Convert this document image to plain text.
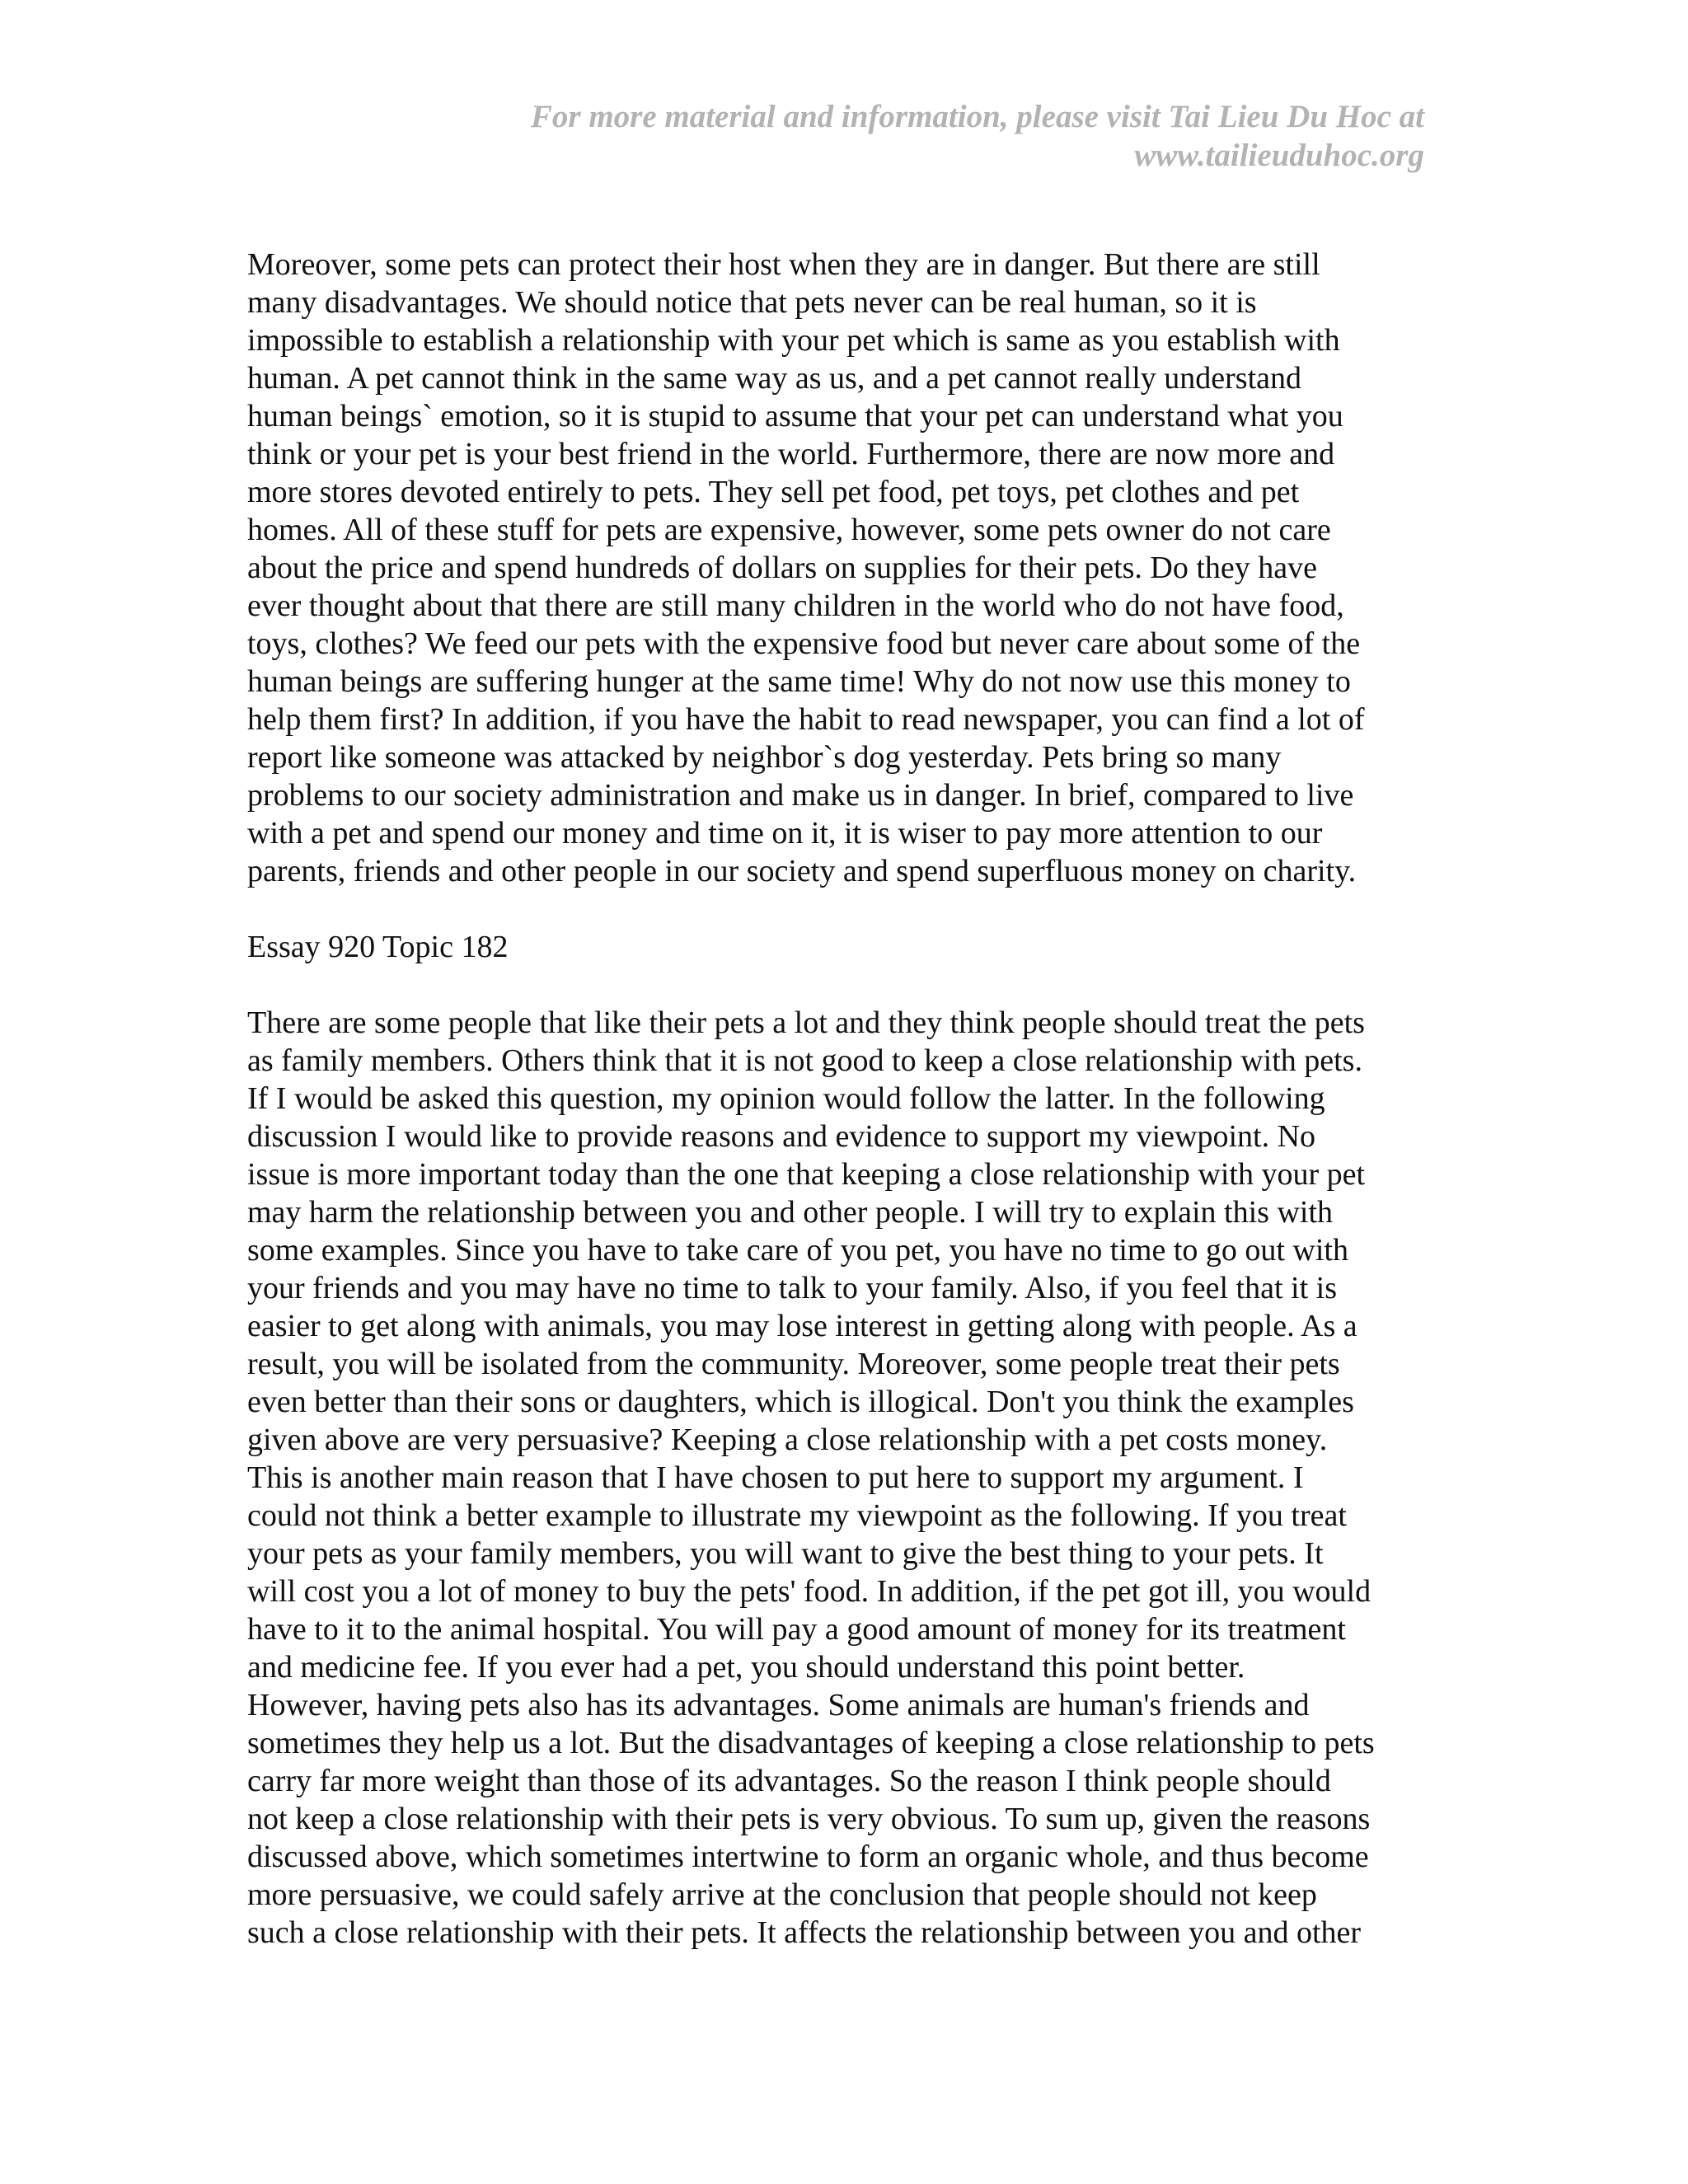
For more material and information, please visit Tai Lieu Du Hoc at
www.tailieuduhoc.org
Moreover, some pets can protect their host when they are in danger. But there are still
many disadvantages. We should notice that pets never can be real human, so it is
impossible to establish a relationship with your pet which is same as you establish with
human. A pet cannot think in the same way as us, and a pet cannot really understand
human beings` emotion, so it is stupid to assume that your pet can understand what you
think or your pet is your best friend in the world. Furthermore, there are now more and
more stores devoted entirely to pets. They sell pet food, pet toys, pet clothes and pet
homes. All of these stuff for pets are expensive, however, some pets owner do not care
about the price and spend hundreds of dollars on supplies for their pets. Do they have
ever thought about that there are still many children in the world who do not have food,
toys, clothes? We feed our pets with the expensive food but never care about some of the
human beings are suffering hunger at the same time! Why do not now use this money to
help them first? In addition, if you have the habit to read newspaper, you can find a lot of
report like someone was attacked by neighbor`s dog yesterday. Pets bring so many
problems to our society administration and make us in danger. In brief, compared to live
with a pet and spend our money and time on it, it is wiser to pay more attention to our
parents, friends and other people in our society and spend superfluous money on charity.
Essay 920 Topic 182
There are some people that like their pets a lot and they think people should treat the pets
as family members. Others think that it is not good to keep a close relationship with pets.
If I would be asked this question, my opinion would follow the latter. In the following
discussion I would like to provide reasons and evidence to support my viewpoint. No
issue is more important today than the one that keeping a close relationship with your pet
may harm the relationship between you and other people. I will try to explain this with
some examples. Since you have to take care of you pet, you have no time to go out with
your friends and you may have no time to talk to your family. Also, if you feel that it is
easier to get along with animals, you may lose interest in getting along with people. As a
result, you will be isolated from the community. Moreover, some people treat their pets
even better than their sons or daughters, which is illogical. Don't you think the examples
given above are very persuasive? Keeping a close relationship with a pet costs money.
This is another main reason that I have chosen to put here to support my argument. I
could not think a better example to illustrate my viewpoint as the following. If you treat
your pets as your family members, you will want to give the best thing to your pets. It
will cost you a lot of money to buy the pets' food. In addition, if the pet got ill, you would
have to it to the animal hospital. You will pay a good amount of money for its treatment
and medicine fee. If you ever had a pet, you should understand this point better.
However, having pets also has its advantages. Some animals are human's friends and
sometimes they help us a lot. But the disadvantages of keeping a close relationship to pets
carry far more weight than those of its advantages. So the reason I think people should
not keep a close relationship with their pets is very obvious. To sum up, given the reasons
discussed above, which sometimes intertwine to form an organic whole, and thus become
more persuasive, we could safely arrive at the conclusion that people should not keep
such a close relationship with their pets. It affects the relationship between you and other
